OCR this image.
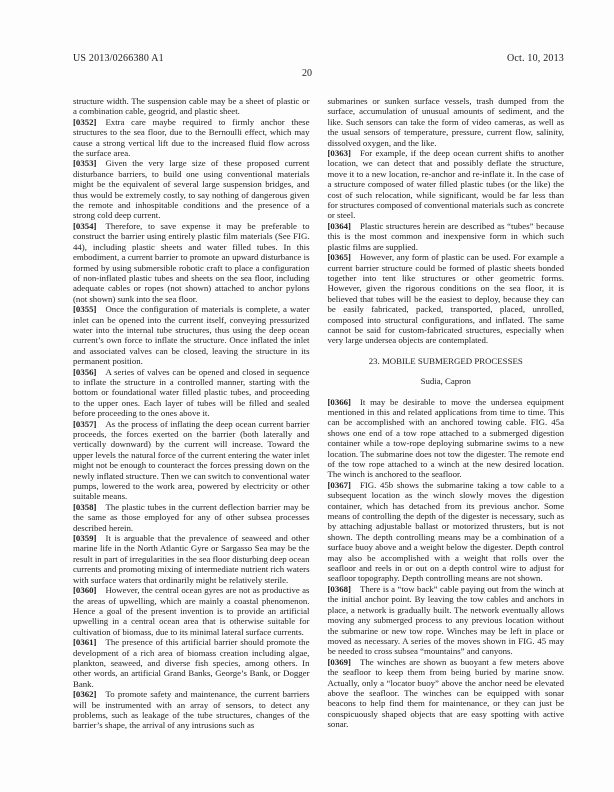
US 2013/0266380 A1	Oct. 10, 2013
20

structure width. The suspension cable may be a sheet of plastic or a combination cable, geogrid, and plastic sheet.

[0352] Extra care maybe required to firmly anchor these structures to the sea floor, due to the Bernoulli effect, which may cause a strong vertical lift due to the increased fluid flow across the surface area.

[0353] Given the very large size of these proposed current disturbance barriers, to build one using conventional materials might be the equivalent of several large suspension bridges, and thus would be extremely costly, to say nothing of dangerous given the remote and inhospitable conditions and the presence of a strong cold deep current.

[0354] Therefore, to save expense it may be preferable to construct the barrier using entirely plastic film materials (See FIG. 44), including plastic sheets and water filled tubes. In this embodiment, a current barrier to promote an upward disturbance is formed by using submersible robotic craft to place a configuration of non-inflated plastic tubes and sheets on the sea floor, including adequate cables or ropes (not shown) attached to anchor pylons (not shown) sunk into the sea floor.

[0355] Once the configuration of materials is complete, a water inlet can be opened into the current itself, conveying pressurized water into the internal tube structures, thus using the deep ocean current’s own force to inflate the structure. Once inflated the inlet and associated valves can be closed, leaving the structure in its permanent position.

[0356] A series of valves can be opened and closed in sequence to inflate the structure in a controlled manner, starting with the bottom or foundational water filled plastic tubes, and proceeding to the upper ones. Each layer of tubes will be filled and sealed before proceeding to the ones above it.

[0357] As the process of inflating the deep ocean current barrier proceeds, the forces exerted on the barrier (both laterally and vertically downward) by the current will increase. Toward the upper levels the natural force of the current entering the water inlet might not be enough to counteract the forces pressing down on the newly inflated structure. Then we can switch to conventional water pumps, lowered to the work area, powered by electricity or other suitable means.

[0358] The plastic tubes in the current deflection barrier may be the same as those employed for any of other subsea processes described herein.

[0359] It is arguable that the prevalence of seaweed and other marine life in the North Atlantic Gyre or Sargasso Sea may be the result in part of irregularities in the sea floor disturbing deep ocean currents and promoting mixing of intermediate nutrient rich waters with surface waters that ordinarily might be relatively sterile.

[0360] However, the central ocean gyres are not as productive as the areas of upwelling, which are mainly a coastal phenomenon. Hence a goal of the present invention is to provide an artificial upwelling in a central ocean area that is otherwise suitable for cultivation of biomass, due to its minimal lateral surface currents.

[0361] The presence of this artificial barrier should promote the development of a rich area of biomass creation including algae, plankton, seaweed, and diverse fish species, among others. In other words, an artificial Grand Banks, George’s Bank, or Dogger Bank.

[0362] To promote safety and maintenance, the current barriers will be instrumented with an array of sensors, to detect any problems, such as leakage of the tube structures, changes of the barrier’s shape, the arrival of any intrusions such as

submarines or sunken surface vessels, trash dumped from the surface, accumulation of unusual amounts of sediment, and the like. Such sensors can take the form of video cameras, as well as the usual sensors of temperature, pressure, current flow, salinity, dissolved oxygen, and the like.

[0363] For example, if the deep ocean current shifts to another location, we can detect that and possibly deflate the structure, move it to a new location, re-anchor and re-inflate it. In the case of a structure composed of water filled plastic tubes (or the like) the cost of such relocation, while significant, would be far less than for structures composed of conventional materials such as concrete or steel.

[0364] Plastic structures herein are described as “tubes” because this is the most common and inexpensive form in which such plastic films are supplied.

[0365] However, any form of plastic can be used. For example a current barrier structure could be formed of plastic sheets bonded together into tent like structures or other geometric forms. However, given the rigorous conditions on the sea floor, it is believed that tubes will be the easiest to deploy, because they can be easily fabricated, packed, transported, placed, unrolled, composed into structural configurations, and inflated. The same cannot be said for custom-fabricated structures, especially when very large undersea objects are contemplated.

23. MOBILE SUBMERGED PROCESSES
Sudia, Capron

[0366] It may be desirable to move the undersea equipment mentioned in this and related applications from time to time. This can be accomplished with an anchored towing cable. FIG. 45a shows one end of a tow rope attached to a submerged digestion container while a tow-rope deploying submarine swims to a new location. The submarine does not tow the digester. The remote end of the tow rope attached to a winch at the new desired location. The winch is anchored to the seafloor.

[0367] FIG. 45b shows the submarine taking a tow cable to a subsequent location as the winch slowly moves the digestion container, which has detached from its previous anchor. Some means of controlling the depth of the digester is necessary, such as by attaching adjustable ballast or motorized thrusters, but is not shown. The depth controlling means may be a combination of a surface buoy above and a weight below the digester. Depth control may also be accomplished with a weight that rolls over the seafloor and reels in or out on a depth control wire to adjust for seafloor topography. Depth controlling means are not shown.

[0368] There is a “tow back” cable paying out from the winch at the initial anchor point. By leaving the tow cables and anchors in place, a network is gradually built. The network eventually allows moving any submerged process to any previous location without the submarine or new tow rope. Winches may be left in place or moved as necessary. A series of the moves shown in FIG. 45 may be needed to cross subsea “mountains” and canyons.

[0369] The winches are shown as buoyant a few meters above the seafloor to keep them from being buried by marine snow. Actually, only a “locator buoy” above the anchor need be elevated above the seafloor. The winches can be equipped with sonar beacons to help find them for maintenance, or they can just be conspicuously shaped objects that are easy spotting with active sonar.
